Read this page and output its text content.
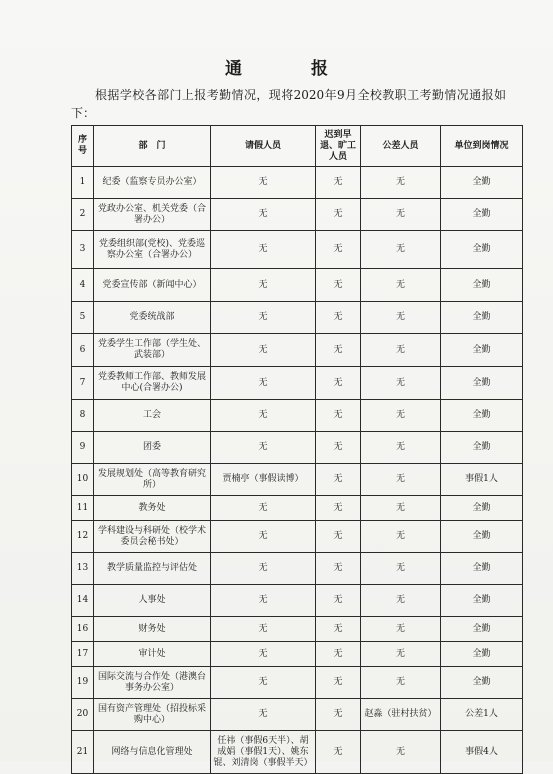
通　报
根据学校各部门上报考勤情况，现将2020年9月全校教职工考勤情况通报如下：
序号	部　门	请假人员	迟到早退、旷工人员	公差人员	单位到岗情况
1	纪委（监察专员办公室）	无	无	无	全勤
2	党政办公室、机关党委（合署办公）	无	无	无	全勤
3	党委组织部(党校)、党委巡察办公室（合署办公）	无	无	无	全勤
4	党委宣传部（新闻中心）	无	无	无	全勤
5	党委统战部	无	无	无	全勤
6	党委学生工作部（学生处、武装部）	无	无	无	全勤
7	党委教师工作部、教师发展中心(合署办公)	无	无	无	全勤
8	工会	无	无	无	全勤
9	团委	无	无	无	全勤
10	发展规划处（高等教育研究所）	贾楠亭（事假读博）	无	无	事假1人
11	教务处	无	无	无	全勤
12	学科建设与科研处（校学术委员会秘书处）	无	无	无	全勤
13	教学质量监控与评估处	无	无	无	全勤
14	人事处	无	无	无	全勤
16	财务处	无	无	无	全勤
17	审计处	无	无	无	全勤
19	国际交流与合作处（港澳台事务办公室）	无	无	无	全勤
20	国有资产管理处（招投标采购中心）	无	无	赵淼（驻村扶贫）	公差1人
21	网络与信息化管理处	任祎（事假6天半）、胡成娟（事假1天）、姚东锟、刘清岗（事假半天）	无	无	事假4人
